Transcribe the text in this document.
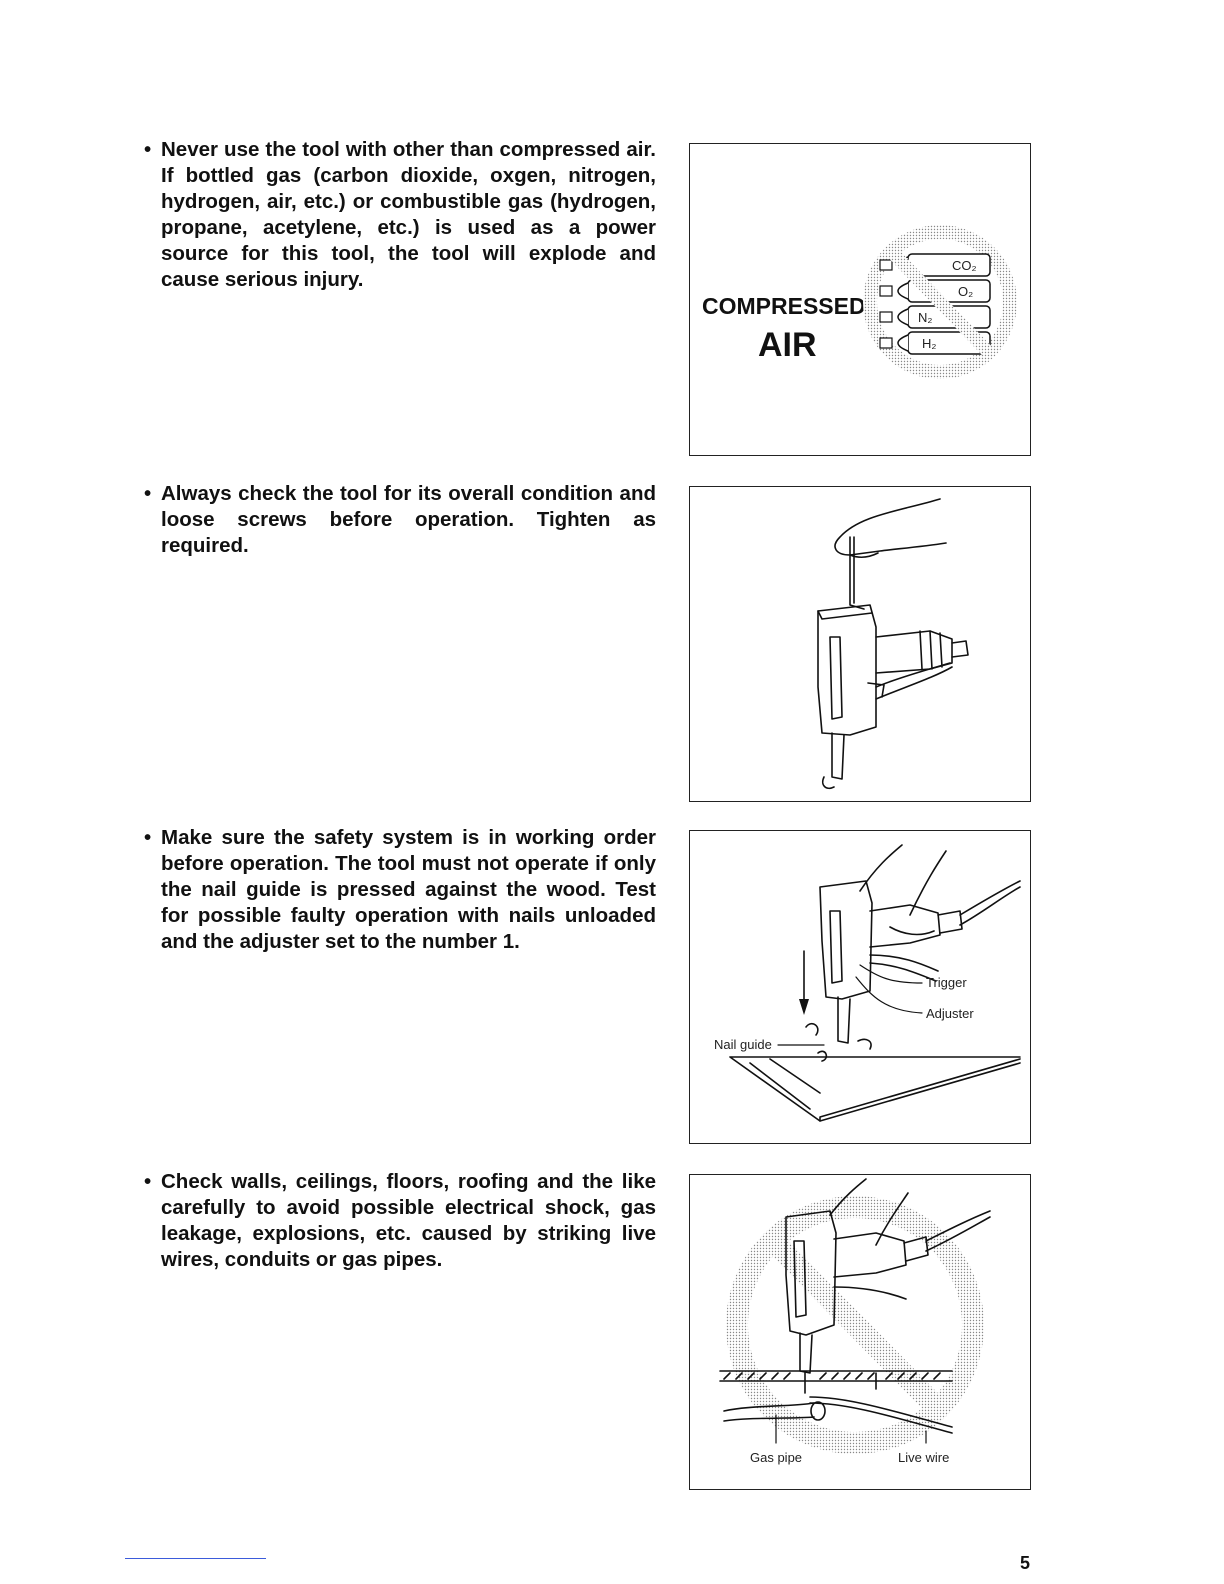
• Never use the tool with other than compressed air. If bottled gas (carbon dioxide, oxgen, nitrogen, hydrogen, air, etc.) or combustible gas (hydrogen, propane, acetylene, etc.) is used as a power source for this tool, the tool will explode and cause serious injury.
COMPRESSED
AIR
CO₂
O₂
N₂
H₂
• Always check the tool for its overall condition and loose screws before operation. Tighten as required.
• Make sure the safety system is in working order before operation. The tool must not operate if only the nail guide is pressed against the wood. Test for possible faulty operation with nails unloaded and the adjuster set to the number 1.
Trigger
Adjuster
Nail guide
• Check walls, ceilings, floors, roofing and the like carefully to avoid possible electrical shock, gas leakage, explosions, etc. caused by striking live wires, conduits or gas pipes.
Gas pipe	Live wire
5
